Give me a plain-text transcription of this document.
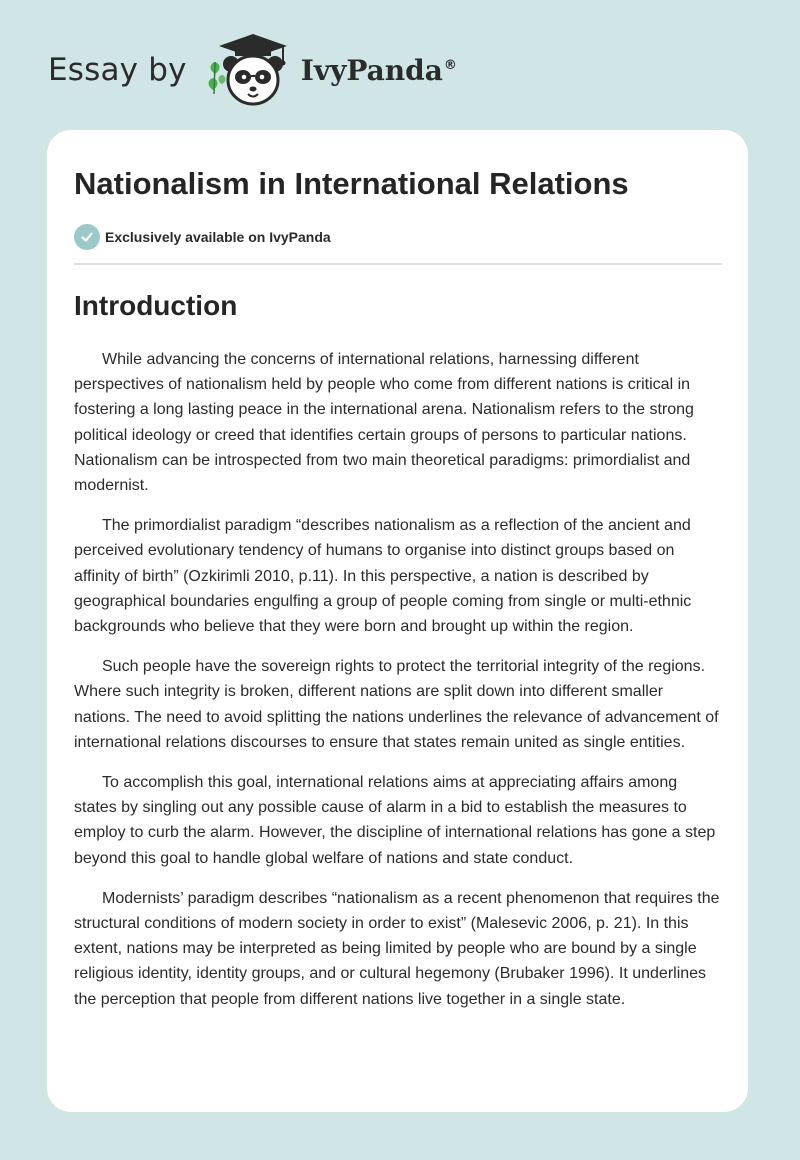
Essay by	IvyPanda®
Nationalism in International Relations
Exclusively available on IvyPanda
Introduction

While advancing the concerns of international relations, harnessing different perspectives of nationalism held by people who come from different nations is critical in fostering a long lasting peace in the international arena. Nationalism refers to the strong political ideology or creed that identifies certain groups of persons to particular nations. Nationalism can be introspected from two main theoretical paradigms: primordialist and modernist.

The primordialist paradigm “describes nationalism as a reflection of the ancient and perceived evolutionary tendency of humans to organise into distinct groups based on affinity of birth” (Ozkirimli 2010, p.11). In this perspective, a nation is described by geographical boundaries engulfing a group of people coming from single or multi-ethnic backgrounds who believe that they were born and brought up within the region.

Such people have the sovereign rights to protect the territorial integrity of the regions. Where such integrity is broken, different nations are split down into different smaller nations. The need to avoid splitting the nations underlines the relevance of advancement of international relations discourses to ensure that states remain united as single entities.

To accomplish this goal, international relations aims at appreciating affairs among states by singling out any possible cause of alarm in a bid to establish the measures to employ to curb the alarm. However, the discipline of international relations has gone a step beyond this goal to handle global welfare of nations and state conduct.

Modernists’ paradigm describes “nationalism as a recent phenomenon that requires the structural conditions of modern society in order to exist” (Malesevic 2006, p. 21). In this extent, nations may be interpreted as being limited by people who are bound by a single religious identity, identity groups, and or cultural hegemony (Brubaker 1996). It underlines the perception that people from different nations live together in a single state.
